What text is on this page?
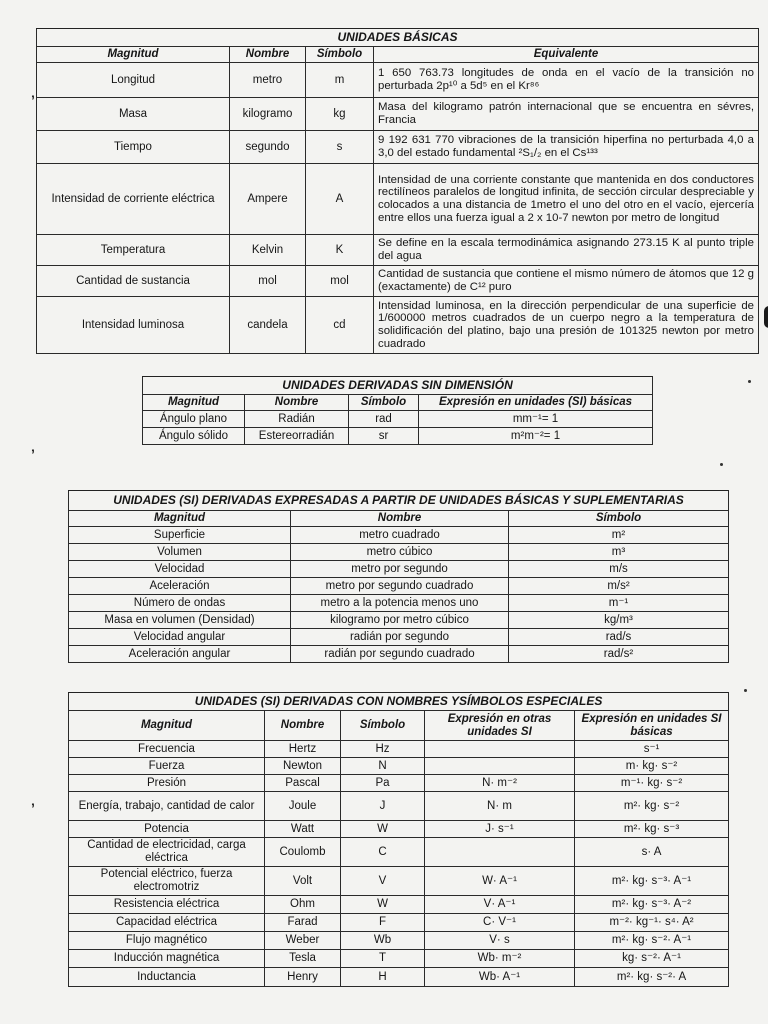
UNIDADES BÁSICAS			
Magnitud	Nombre	Símbolo	Equivalente
Longitud	metro	m	1 650 763.73 longitudes de onda en el vacío de la transición no perturbada 2p¹⁰ a 5d⁵ en el Kr⁸⁶
Masa	kilogramo	kg	Masa del kilogramo patrón internacional que se encuentra en sévres, Francia
Tiempo	segundo	s	9 192 631 770 vibraciones de la transición hiperfina no perturbada 4,0 a 3,0 del estado fundamental ²S₁/₂ en el Cs¹³³
Intensidad de corriente eléctrica	Ampere	A	Intensidad de una corriente constante que mantenida en dos conductores rectilíneos paralelos de longitud infinita, de sección circular despreciable y colocados a una distancia de 1metro el uno del otro en el vacío, ejercería entre ellos una fuerza igual a 2 x 10-7 newton por metro de longitud
Temperatura	Kelvin	K	Se define en la escala termodinámica asignando 273.15 K al punto triple del agua
Cantidad de sustancia	mol	mol	Cantidad de sustancia que contiene el mismo número de átomos que 12 g (exactamente) de C¹² puro
Intensidad luminosa	candela	cd	Intensidad luminosa, en la dirección perpendicular de una superficie de 1/600000 metros cuadrados de un cuerpo negro a la temperatura de solidificación del platino, bajo una presión de 101325 newton por metro cuadrado
UNIDADES DERIVADAS SIN DIMENSIÓN			
Magnitud	Nombre	Símbolo	Expresión en unidades (SI) básicas
Ángulo plano	Radián	rad	mm⁻¹= 1
Ángulo sólido	Estereorradián	sr	m²m⁻²= 1
UNIDADES (SI) DERIVADAS EXPRESADAS A PARTIR DE UNIDADES BÁSICAS Y SUPLEMENTARIAS		
Magnitud	Nombre	Símbolo
Superficie	metro cuadrado	m²
Volumen	metro cúbico	m³
Velocidad	metro por segundo	m/s
Aceleración	metro por segundo cuadrado	m/s²
Número de ondas	metro a la potencia menos uno	m⁻¹
Masa en volumen (Densidad)	kilogramo por metro cúbico	kg/m³
Velocidad angular	radián por segundo	rad/s
Aceleración angular	radián por segundo cuadrado	rad/s²
UNIDADES (SI) DERIVADAS CON NOMBRES YSÍMBOLOS ESPECIALES				
Magnitud	Nombre	Símbolo	Expresión en otras unidades SI	Expresión en unidades SI básicas
Frecuencia	Hertz	Hz		s⁻¹
Fuerza	Newton	N		m· kg· s⁻²
Presión	Pascal	Pa	N· m⁻²	m⁻¹· kg· s⁻²
Energía, trabajo, cantidad de calor	Joule	J	N· m	m²· kg· s⁻²
Potencia	Watt	W	J· s⁻¹	m²· kg· s⁻³
Cantidad de electricidad, carga eléctrica	Coulomb	C		s· A
Potencial eléctrico, fuerza electromotriz	Volt	V	W· A⁻¹	m²· kg· s⁻³· A⁻¹
Resistencia eléctrica	Ohm	W	V· A⁻¹	m²· kg· s⁻³· A⁻²
Capacidad eléctrica	Farad	F	C· V⁻¹	m⁻²· kg⁻¹· s⁴· A²
Flujo magnético	Weber	Wb	V· s	m²· kg· s⁻²· A⁻¹
Inducción magnética	Tesla	T	Wb· m⁻²	kg· s⁻²· A⁻¹
Inductancia	Henry	H	Wb· A⁻¹	m²· kg· s⁻²· A
’
’
’
